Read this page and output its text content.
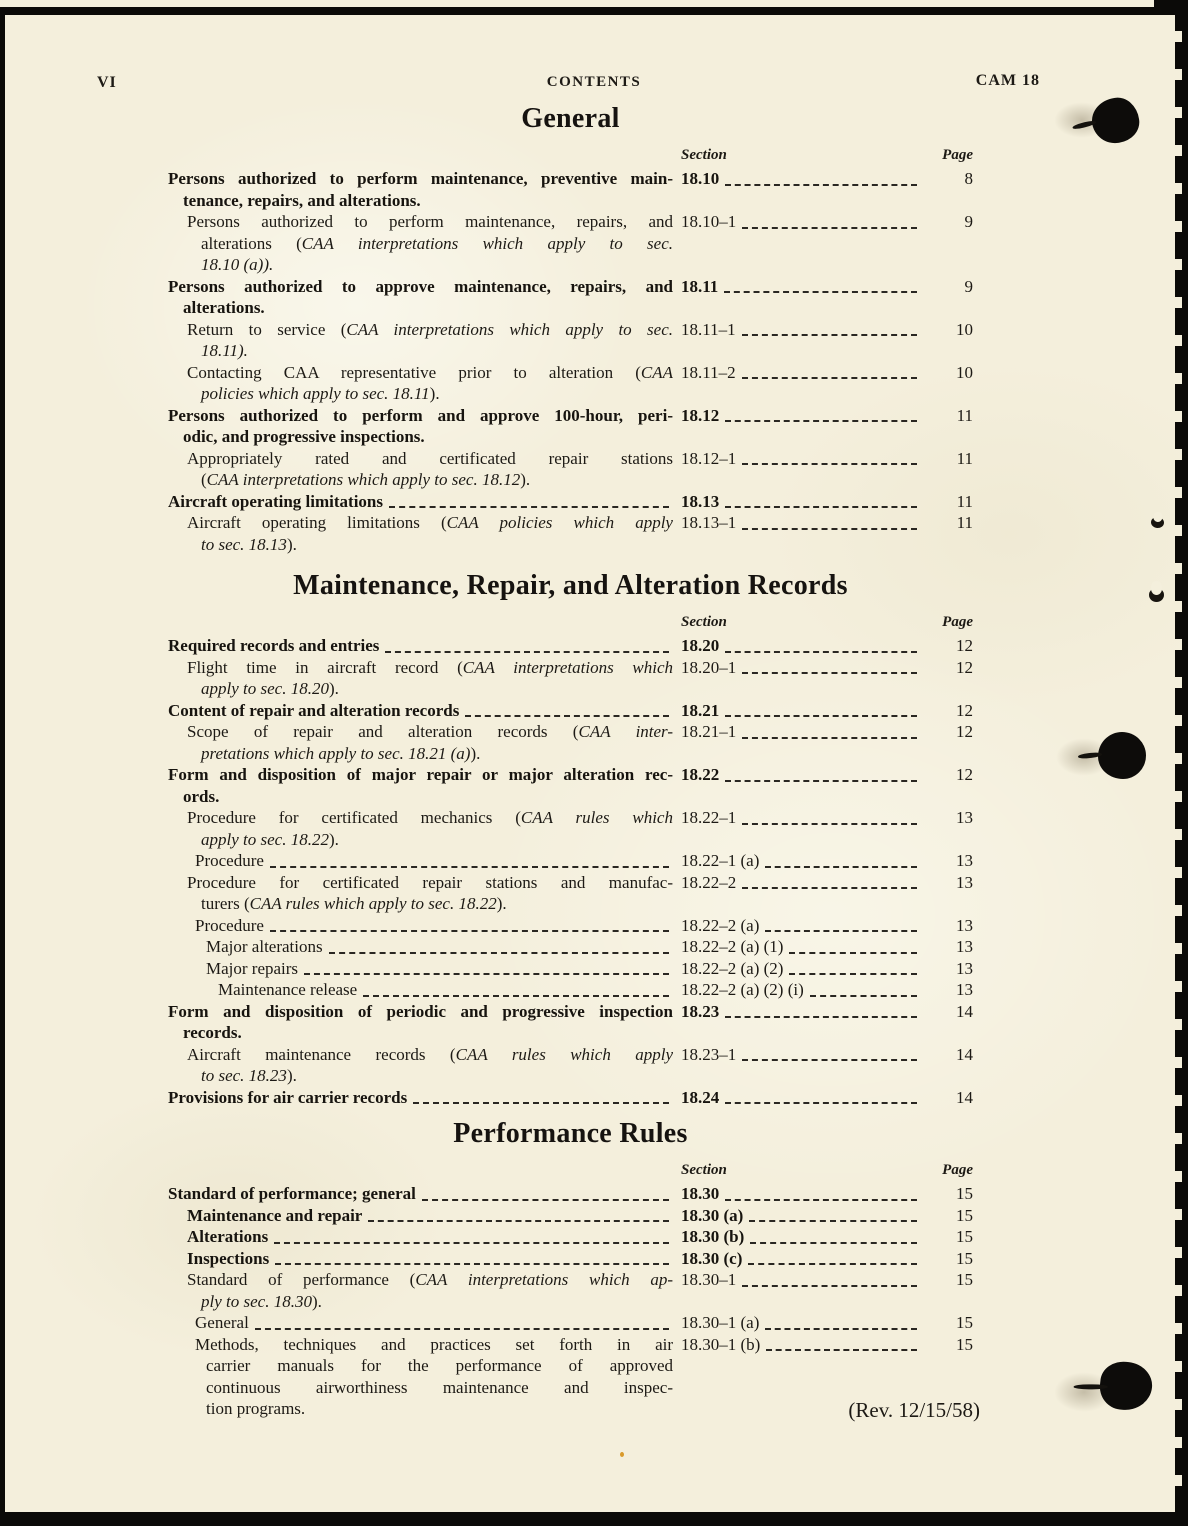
VI	CONTENTS	CAM 18
General
Section	Page
Persons authorized to perform maintenance, preventive main-
tenance, repairs, and alterations.
18.10	8
Persons authorized to perform maintenance, repairs, and
alterations (CAA interpretations which apply to sec.
18.10 (a)).
18.10–1	9
Persons authorized to approve maintenance, repairs, and
alterations.
18.11	9
Return to service (CAA interpretations which apply to sec.
18.11).
18.11–1	10
Contacting CAA representative prior to alteration (CAA
policies which apply to sec. 18.11).
18.11–2	10
Persons authorized to perform and approve 100-hour, peri-
odic, and progressive inspections.
18.12	11
Appropriately rated and certificated repair stations
(CAA interpretations which apply to sec. 18.12).
18.12–1	11
Aircraft operating limitations	18.13	11
Aircraft operating limitations (CAA policies which apply
to sec. 18.13).
18.13–1	11
Maintenance, Repair, and Alteration Records
Section	Page
Required records and entries	18.20	12
Flight time in aircraft record (CAA interpretations which
apply to sec. 18.20).
18.20–1	12
Content of repair and alteration records	18.21	12
Scope of repair and alteration records (CAA inter-
pretations which apply to sec. 18.21 (a)).
18.21–1	12
Form and disposition of major repair or major alteration rec-
ords.
18.22	12
Procedure for certificated mechanics (CAA rules which
apply to sec. 18.22).
18.22–1	13
Procedure	18.22–1 (a)	13
Procedure for certificated repair stations and manufac-
turers (CAA rules which apply to sec. 18.22).
18.22–2	13
Procedure	18.22–2 (a)	13
Major alterations	18.22–2 (a) (1)	13
Major repairs	18.22–2 (a) (2)	13
Maintenance release	18.22–2 (a) (2) (i)	13
Form and disposition of periodic and progressive inspection
records.
18.23	14
Aircraft maintenance records (CAA rules which apply
to sec. 18.23).
18.23–1	14
Provisions for air carrier records	18.24	14
Performance Rules
Section	Page
Standard of performance; general	18.30	15
Maintenance and repair	18.30 (a)	15
Alterations	18.30 (b)	15
Inspections	18.30 (c)	15
Standard of performance (CAA interpretations which ap-
ply to sec. 18.30).
18.30–1	15
General	18.30–1 (a)	15
Methods, techniques and practices set forth in air
carrier manuals for the performance of approved
continuous airworthiness maintenance and inspec-
tion programs.
18.30–1 (b)	15
(Rev. 12/15/58)
